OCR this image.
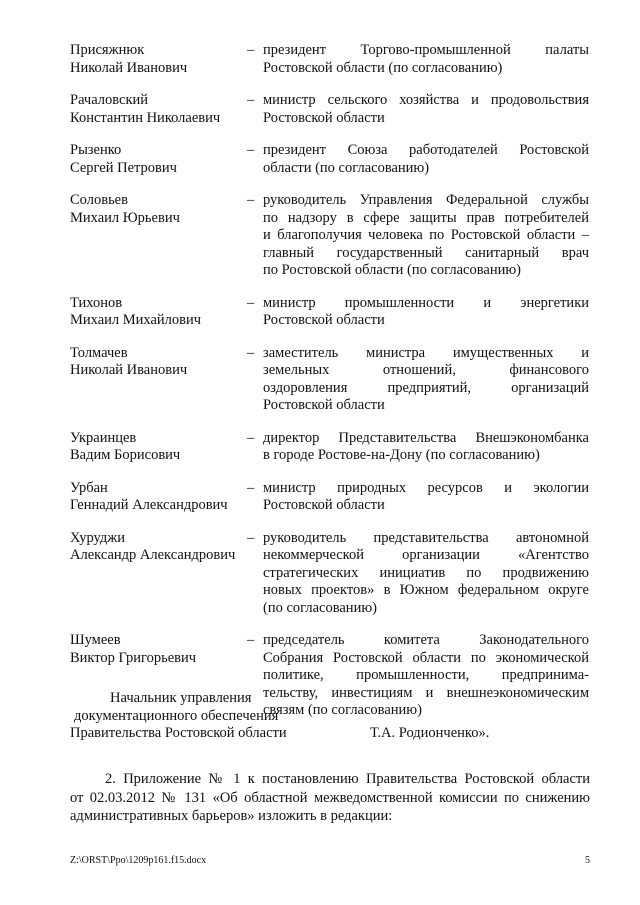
Присяжнюк
Николай Иванович
– президент Торгово-промышленной палаты
Ростовской области (по согласованию)
Рачаловский
Константин Николаевич
– министр сельского хозяйства и продовольствия
Ростовской области
Рызенко
Сергей Петрович
– президент Союза работодателей Ростовской
области (по согласованию)
Соловьев
Михаил Юрьевич
– руководитель Управления Федеральной службы
по надзору в сфере защиты прав потребителей
и благополучия человека по Ростовской области –
главный государственный санитарный врач
по Ростовской области (по согласованию)
Тихонов
Михаил Михайлович
– министр промышленности и энергетики
Ростовской области
Толмачев
Николай Иванович
– заместитель министра имущественных и
земельных отношений, финансового
оздоровления предприятий, организаций
Ростовской области
Украинцев
Вадим Борисович
– директор Представительства Внешэкономбанка
в городе Ростове-на-Дону (по согласованию)
Урбан
Геннадий Александрович
– министр природных ресурсов и экологии
Ростовской области
Хуруджи
Александр Александрович
– руководитель представительства автономной
некоммерческой организации «Агентство
стратегических инициатив по продвижению
новых проектов» в Южном федеральном округе
(по согласованию)
Шумеев
Виктор Григорьевич
– председатель комитета Законодательного
Собрания Ростовской области по экономической
политике, промышленности, предпринима-
тельству, инвестициям и внешнеэкономическим
связям (по согласованию)
Начальник управления
документационного обеспечения
Правительства Ростовской области	Т.А. Родионченко».
2. Приложение № 1 к постановлению Правительства Ростовской области
от 02.03.2012 № 131 «Об областной межведомственной комиссии по снижению
административных барьеров» изложить в редакции:
Z:\ORST\Ppo\1209p161.f15.docx	5
